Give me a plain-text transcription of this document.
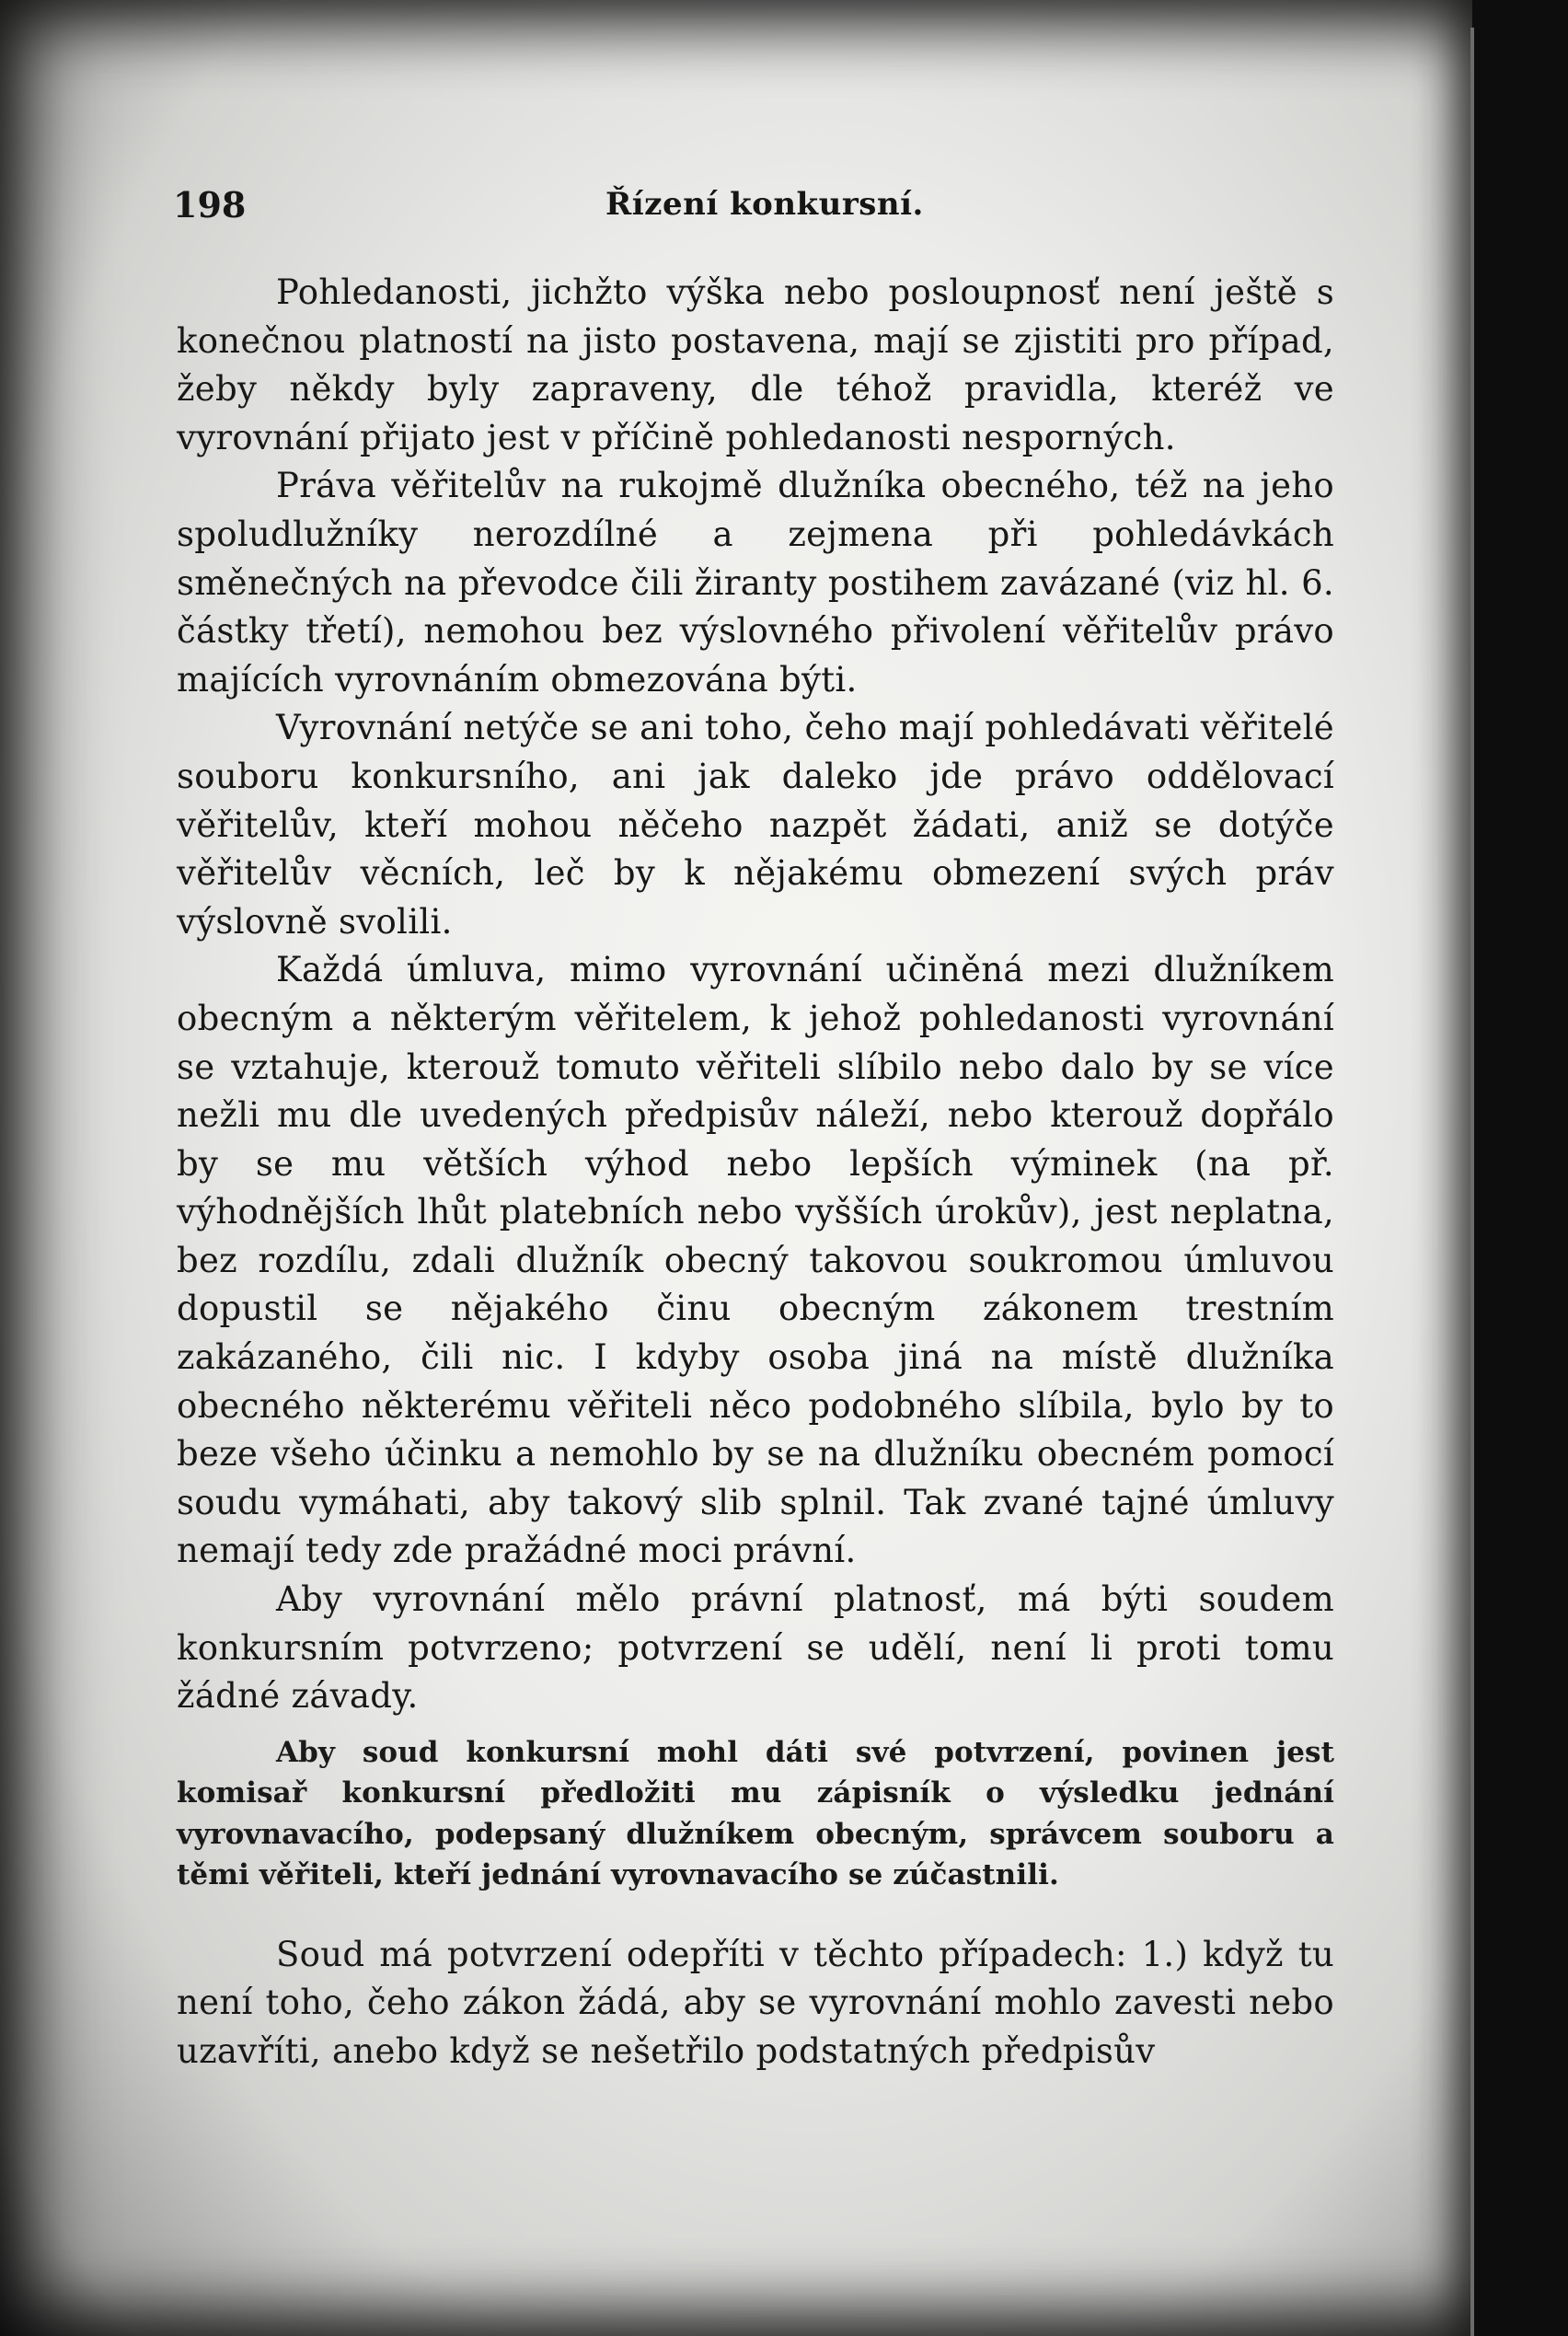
198	Řízení konkursní.

Pohledanosti, jichžto výška nebo posloupnosť není ještě s konečnou platností na jisto postavena, mají se zjistiti pro případ, žeby někdy byly zapraveny, dle téhož pravidla, kteréž ve vyrovnání přijato jest v příčině pohledanosti nesporných.

Práva věřitelův na rukojmě dlužníka obecného, též na jeho spoludlužníky nerozdílné a zejmena při pohledávkách směnečných na převodce čili žiranty postihem zavázané (viz hl. 6. částky třetí), nemohou bez výslovného přivolení věřitelův právo majících vyrovnáním obmezována býti.

Vyrovnání netýče se ani toho, čeho mají pohledávati věřitelé souboru konkursního, ani jak daleko jde právo oddělovací věřitelův, kteří mohou něčeho nazpět žádati, aniž se dotýče věřitelův věcních, leč by k nějakému obmezení svých práv výslovně svolili.

Každá úmluva, mimo vyrovnání učiněná mezi dlužníkem obecným a některým věřitelem, k jehož pohledanosti vyrovnání se vztahuje, kterouž tomuto věřiteli slíbilo nebo dalo by se více nežli mu dle uvedených předpisův náleží, nebo kterouž dopřálo by se mu větších výhod nebo lepších výminek (na př. výhodnějších lhůt platebních nebo vyšších úrokův), jest neplatna, bez rozdílu, zdali dlužník obecný takovou soukromou úmluvou dopustil se nějakého činu obecným zákonem trestním zakázaného, čili nic. I kdyby osoba jiná na místě dlužníka obecného některému věřiteli něco podobného slíbila, bylo by to beze všeho účinku a nemohlo by se na dlužníku obecném pomocí soudu vymáhati, aby takový slib splnil. Tak zvané tajné úmluvy nemají tedy zde pražádné moci právní.

Aby vyrovnání mělo právní platnosť, má býti soudem konkursním potvrzeno; potvrzení se udělí, není li proti tomu žádné závady.

Aby soud konkursní mohl dáti své potvrzení, povinen jest komisař konkursní předložiti mu zápisník o výsledku jednání vyrovnavacího, podepsaný dlužníkem obecným, správcem souboru a těmi věřiteli, kteří jednání vyrovnavacího se zúčastnili.

Soud má potvrzení odepříti v těchto případech: 1.) když tu není toho, čeho zákon žádá, aby se vyrovnání mohlo zavesti nebo uzavříti, anebo když se nešetřilo podstatných předpisův
